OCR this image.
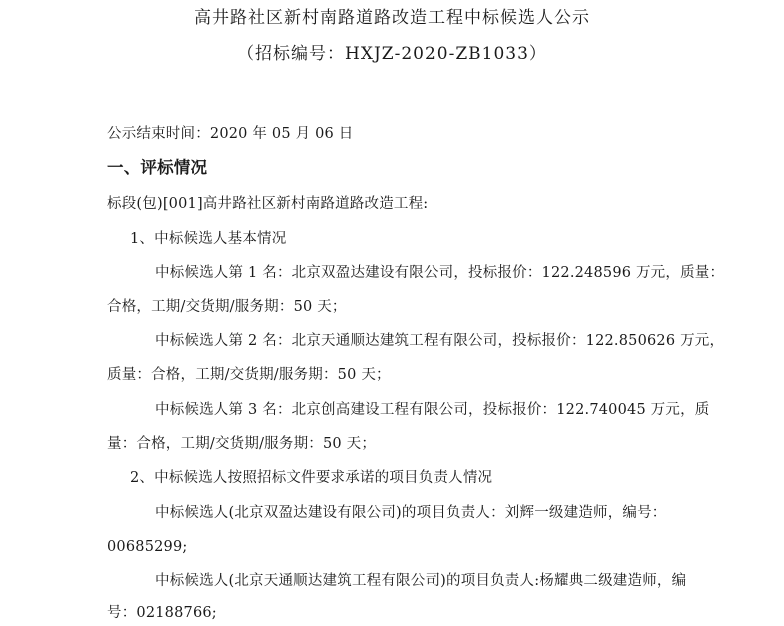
高井路社区新村南路道路改造工程中标候选人公示
（招标编号：HXJZ-2020-ZB1033）
公示结束时间：2020 年 05 月 06 日
一、评标情况
标段(包)[001]高井路社区新村南路道路改造工程:
1、中标候选人基本情况
中标候选人第 1 名：北京双盈达建设有限公司，投标报价：122.248596 万元，质量：
合格，工期/交货期/服务期：50 天；
中标候选人第 2 名：北京天通顺达建筑工程有限公司，投标报价：122.850626 万元，
质量：合格，工期/交货期/服务期：50 天；
中标候选人第 3 名：北京创高建设工程有限公司，投标报价：122.740045 万元，质
量：合格，工期/交货期/服务期：50 天；
2、中标候选人按照招标文件要求承诺的项目负责人情况
中标候选人(北京双盈达建设有限公司)的项目负责人：刘辉一级建造师，编号：
00685299;
中标候选人(北京天通顺达建筑工程有限公司)的项目负责人:杨耀典二级建造师，编
号：02188766;
